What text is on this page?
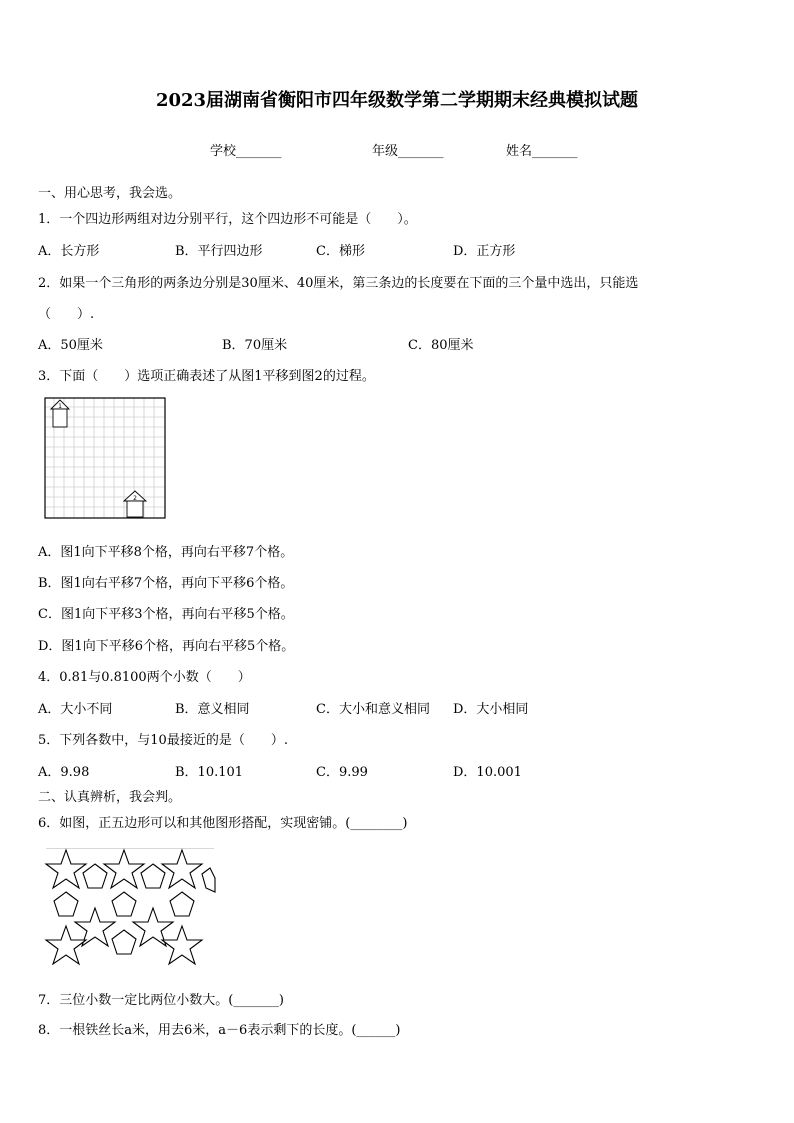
2023届湖南省衡阳市四年级数学第二学期期末经典模拟试题
学校_______	年级_______	姓名_______
一、用心思考，我会选。
1．一个四边形两组对边分别平行，这个四边形不可能是（　　）。
A．长方形	B．平行四边形	C．梯形	D．正方形
2．如果一个三角形的两条边分别是30厘米、40厘米，第三条边的长度要在下面的三个量中选出，只能选
（　　）.
A．50厘米	B．70厘米	C．80厘米
3．下面（　　）选项正确表述了从图1平移到图2的过程。
1
2
A．图1向下平移8个格，再向右平移7个格。
B．图1向右平移7个格，再向下平移6个格。
C．图1向下平移3个格，再向右平移5个格。
D．图1向下平移6个格，再向右平移5个格。
4．0.81与0.8100两个小数（　　）
A．大小不同	B．意义相同	C．大小和意义相同 D．大小相同
5．下列各数中，与10最接近的是（　　）.
A．9.98	B．10.101	C．9.99	D．10.001
二、认真辨析，我会判。
6．如图，正五边形可以和其他图形搭配，实现密铺。(________)
7．三位小数一定比两位小数大。(_______)
8．一根铁丝长a米，用去6米，a－6表示剩下的长度。(______)
